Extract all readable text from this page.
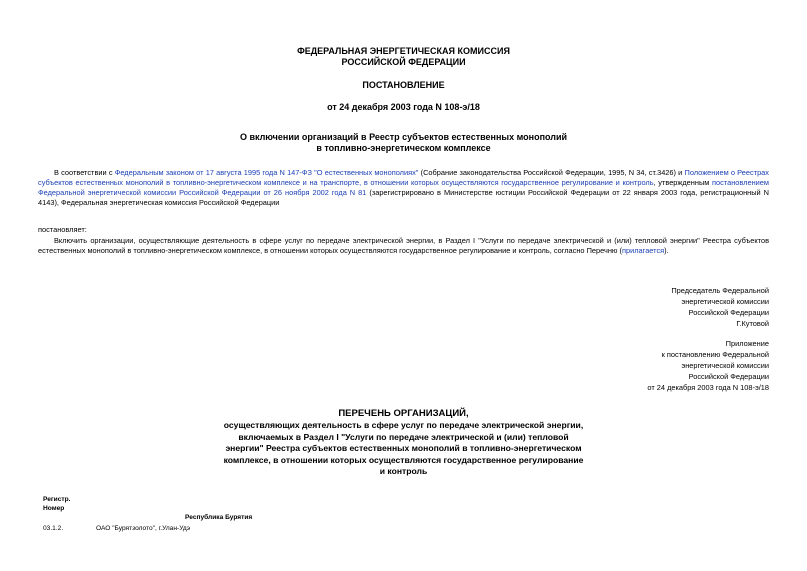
ФЕДЕРАЛЬНАЯ ЭНЕРГЕТИЧЕСКАЯ КОМИССИЯ
РОССИЙСКОЙ ФЕДЕРАЦИИ
ПОСТАНОВЛЕНИЕ
от 24 декабря 2003 года N 108-э/18
О включении организаций в Реестр субъектов естественных монополий
в топливно-энергетическом комплексе
В соответствии с Федеральным законом от 17 августа 1995 года N 147-ФЗ "О естественных монополиях" (Собрание законодательства Российской Федерации, 1995, N 34, ст.3426) и Положением о Реестрах субъектов естественных монополий в топливно-энергетическом комплексе и на транспорте, в отношении которых осуществляются государственное регулирование и контроль, утвержденным постановлением Федеральной энергетической комиссии Российской Федерации от 26 ноября 2002 года N 81 (зарегистрировано в Министерстве юстиции Российской Федерации от 22 января 2003 года, регистрационный N 4143), Федеральная энергетическая комиссия Российской Федерации
постановляет:
Включить организации, осуществляющие деятельность в сфере услуг по передаче электрической энергии, в Раздел I "Услуги по передаче электрической и (или) тепловой энергии" Реестра субъектов естественных монополий в топливно-энергетическом комплексе, в отношении которых осуществляются государственное регулирование и контроль, согласно Перечню (прилагается).
Председатель Федеральной
энергетической комиссии
Российской Федерации
Г.Кутовой
Приложение
к постановлению Федеральной
энергетической комиссии
Российской Федерации
от 24 декабря 2003 года N 108-э/18
ПЕРЕЧЕНЬ ОРГАНИЗАЦИЙ,
осуществляющих деятельность в сфере услуг по передаче электрической энергии,
включаемых в Раздел I "Услуги по передаче электрической и (или) тепловой
энергии" Реестра субъектов естественных монополий в топливно-энергетическом
комплексе, в отношении которых осуществляются государственное регулирование
и контроль
Регистр.
Номер
Республика Бурятия
03.1.2.	ОАО "Бурятзолото", г.Улан-Удэ
